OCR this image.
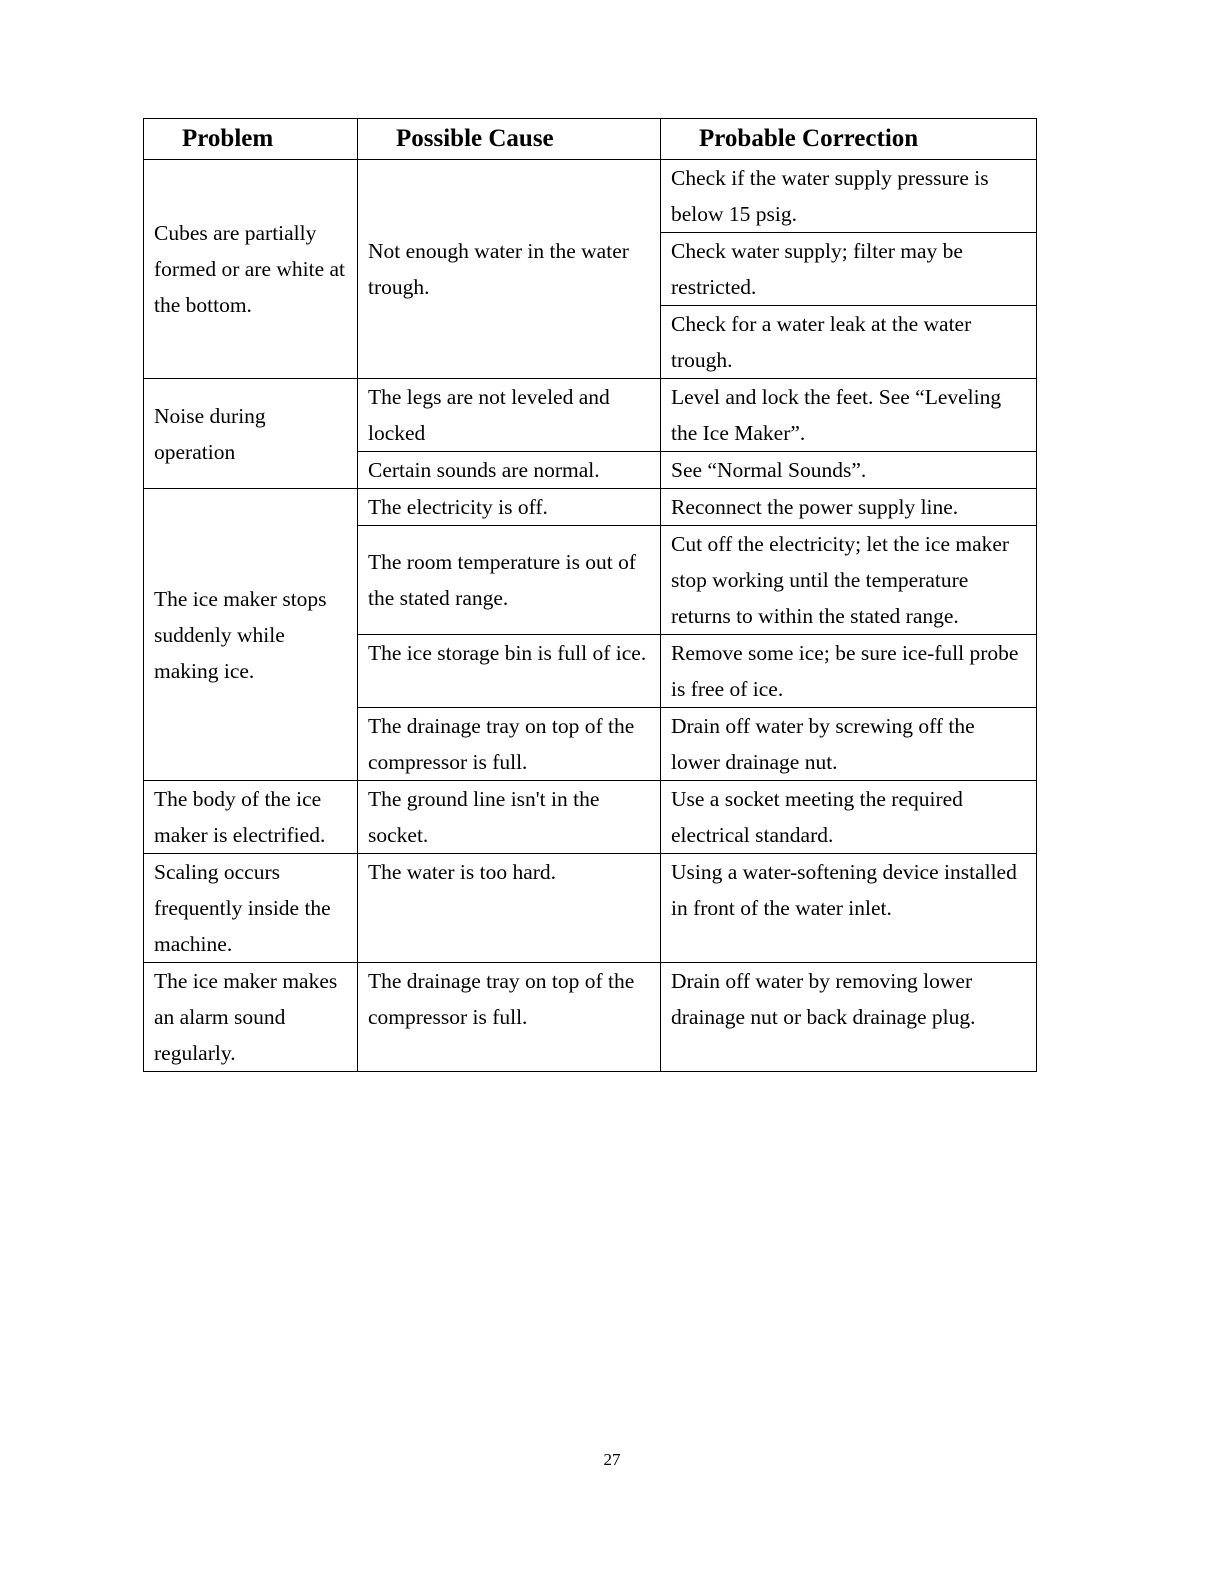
Problem	Possible Cause	Probable Correction
Cubes are partially formed or are white at the bottom.	Not enough water in the water trough.	Check if the water supply pressure is below 15 psig.
		Check water supply; filter may be restricted.
		Check for a water leak at the water trough.
Noise during operation	The legs are not leveled and locked	Level and lock the feet. See “Leveling the Ice Maker”.
	Certain sounds are normal.	See “Normal Sounds”.
The ice maker stops suddenly while making ice.	The electricity is off.	Reconnect the power supply line.
	The room temperature is out of the stated range.	Cut off the electricity; let the ice maker stop working until the temperature returns to within the stated range.
	The ice storage bin is full of ice.	Remove some ice; be sure ice-full probe is free of ice.
	The drainage tray on top of the compressor is full.	Drain off water by screwing off the lower drainage nut.
The body of the ice maker is electrified.	The ground line isn't in the socket.	Use a socket meeting the required electrical standard.
Scaling occurs frequently inside the machine.	The water is too hard.	Using a water-softening device installed in front of the water inlet.
The ice maker makes an alarm sound regularly.	The drainage tray on top of the compressor is full.	Drain off water by removing lower drainage nut or back drainage plug.
27
